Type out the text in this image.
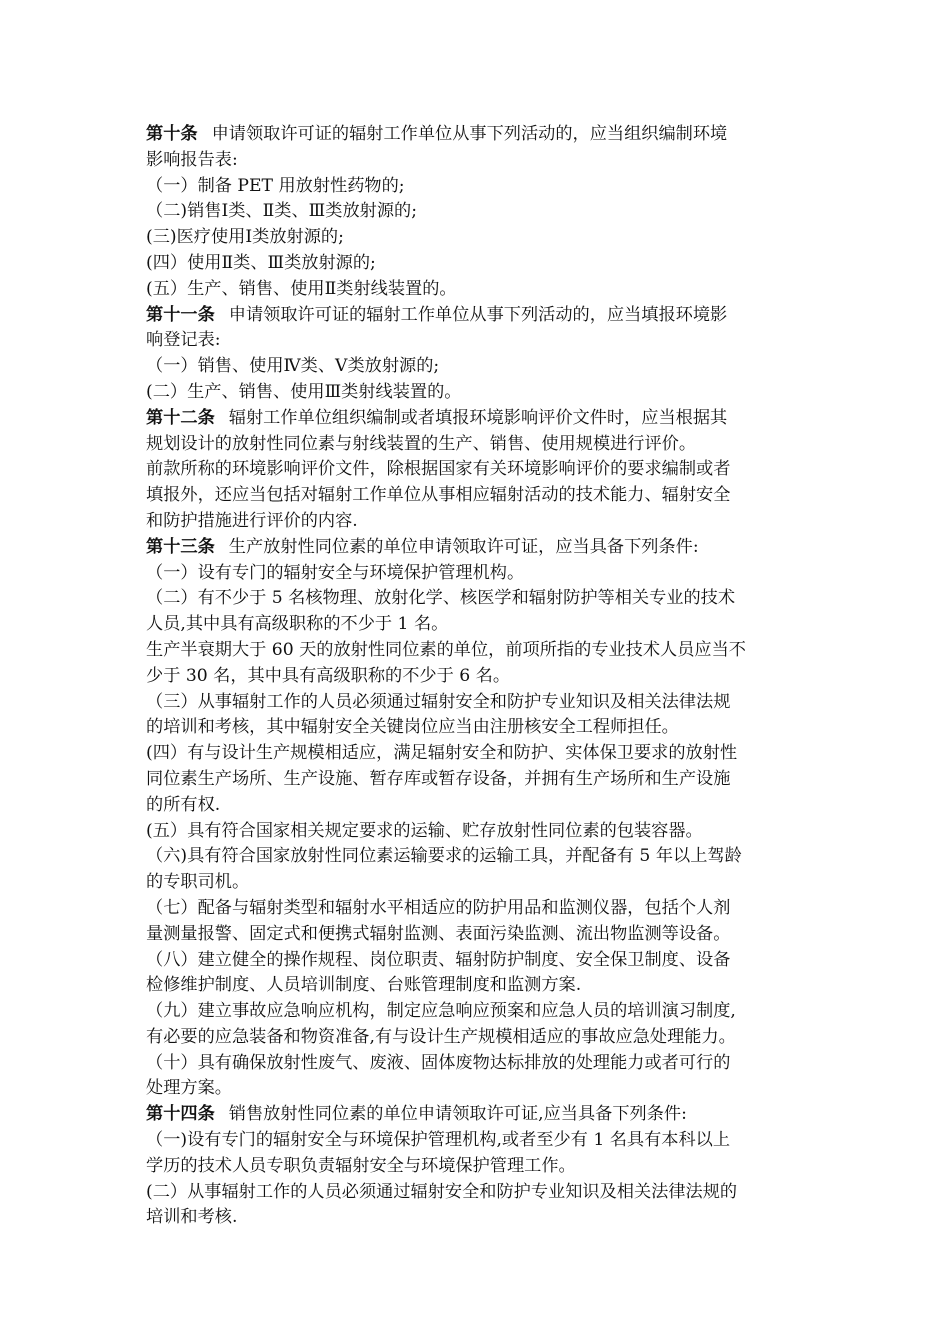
第十条 申请领取许可证的辐射工作单位从事下列活动的，应当组织编制环境
影响报告表:
（一）制备 PET 用放射性药物的;
（二)销售Ⅰ类、Ⅱ类、Ⅲ类放射源的;
(三)医疗使用Ⅰ类放射源的;
(四）使用Ⅱ类、Ⅲ类放射源的;
(五）生产、销售、使用Ⅱ类射线装置的。
第十一条 申请领取许可证的辐射工作单位从事下列活动的，应当填报环境影
响登记表:
（一）销售、使用Ⅳ类、Ⅴ类放射源的;
(二）生产、销售、使用Ⅲ类射线装置的。
第十二条 辐射工作单位组织编制或者填报环境影响评价文件时，应当根据其
规划设计的放射性同位素与射线装置的生产、销售、使用规模进行评价。
前款所称的环境影响评价文件，除根据国家有关环境影响评价的要求编制或者
填报外，还应当包括对辐射工作单位从事相应辐射活动的技术能力、辐射安全
和防护措施进行评价的内容.
第十三条 生产放射性同位素的单位申请领取许可证，应当具备下列条件:
（一）设有专门的辐射安全与环境保护管理机构。
（二）有不少于 5 名核物理、放射化学、核医学和辐射防护等相关专业的技术
人员,其中具有高级职称的不少于 1 名。
生产半衰期大于 60 天的放射性同位素的单位，前项所指的专业技术人员应当不
少于 30 名，其中具有高级职称的不少于 6 名。
（三）从事辐射工作的人员必须通过辐射安全和防护专业知识及相关法律法规
的培训和考核，其中辐射安全关键岗位应当由注册核安全工程师担任。
(四）有与设计生产规模相适应，满足辐射安全和防护、实体保卫要求的放射性
同位素生产场所、生产设施、暂存库或暂存设备，并拥有生产场所和生产设施
的所有权.
(五）具有符合国家相关规定要求的运输、贮存放射性同位素的包装容器。
（六)具有符合国家放射性同位素运输要求的运输工具，并配备有 5 年以上驾龄
的专职司机。
（七）配备与辐射类型和辐射水平相适应的防护用品和监测仪器，包括个人剂
量测量报警、固定式和便携式辐射监测、表面污染监测、流出物监测等设备。
（八）建立健全的操作规程、岗位职责、辐射防护制度、安全保卫制度、设备
检修维护制度、人员培训制度、台账管理制度和监测方案.
（九）建立事故应急响应机构，制定应急响应预案和应急人员的培训演习制度,
有必要的应急装备和物资准备,有与设计生产规模相适应的事故应急处理能力。
（十）具有确保放射性废气、废液、固体废物达标排放的处理能力或者可行的
处理方案。
第十四条 销售放射性同位素的单位申请领取许可证,应当具备下列条件:
（一)设有专门的辐射安全与环境保护管理机构,或者至少有 1 名具有本科以上
学历的技术人员专职负责辐射安全与环境保护管理工作。
(二）从事辐射工作的人员必须通过辐射安全和防护专业知识及相关法律法规的
培训和考核.
